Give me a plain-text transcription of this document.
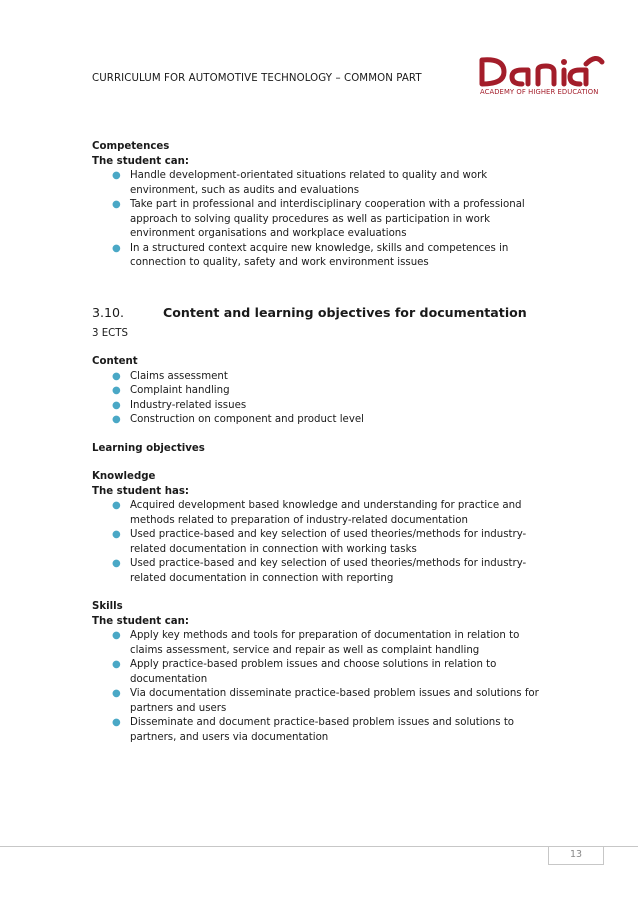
CURRICULUM FOR AUTOMOTIVE TECHNOLOGY – COMMON PART
ACADEMY OF HIGHER EDUCATION
Competences
The student can:
● Handle development-orientated situations related to quality and work
environment, such as audits and evaluations
● Take part in professional and interdisciplinary cooperation with a professional
approach to solving quality procedures as well as participation in work
environment organisations and workplace evaluations
● In a structured context acquire new knowledge, skills and competences in
connection to quality, safety and work environment issues
3.10.	Content and learning objectives for documentation
3 ECTS
Content
● Claims assessment
● Complaint handling
● Industry-related issues
● Construction on component and product level
Learning objectives
Knowledge
The student has:
● Acquired development based knowledge and understanding for practice and
methods related to preparation of industry-related documentation
● Used practice-based and key selection of used theories/methods for industry-
related documentation in connection with working tasks
● Used practice-based and key selection of used theories/methods for industry-
related documentation in connection with reporting
Skills
The student can:
● Apply key methods and tools for preparation of documentation in relation to
claims assessment, service and repair as well as complaint handling
● Apply practice-based problem issues and choose solutions in relation to
documentation
● Via documentation disseminate practice-based problem issues and solutions for
partners and users
● Disseminate and document practice-based problem issues and solutions to
partners, and users via documentation
13
